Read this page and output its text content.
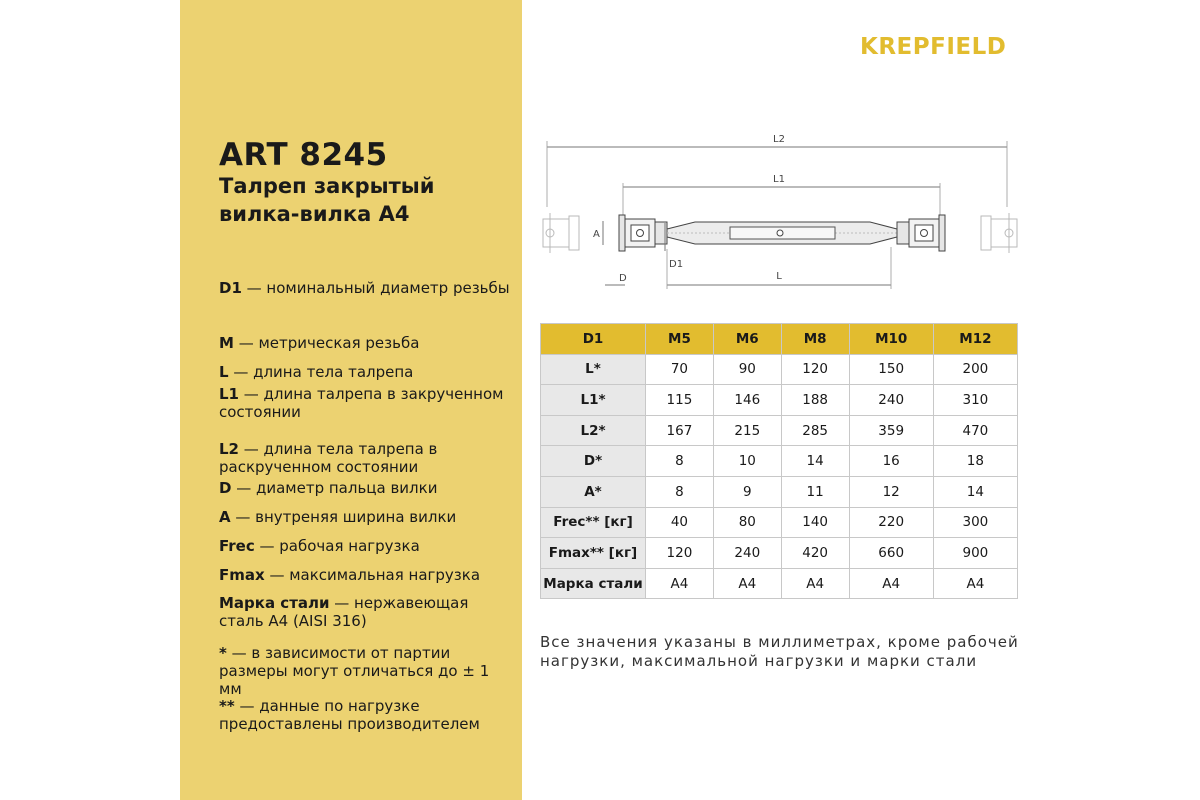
ART 8245
Талреп закрытый
вилка-вилка А4
D1 — номинальный диаметр резьбы
M — метрическая резьба
L — длина тела талрепа
L1 — длина талрепа в закрученном состоянии
L2 — длина тела талрепа в раскрученном состоянии
D — диаметр пальца вилки
A — внутреняя ширина вилки
Frec — рабочая нагрузка
Fmax — максимальная нагрузка
Марка стали — нержавеющая сталь А4 (AISI 316)
* — в зависимости от партии размеры могут отличаться до ± 1 мм
** — данные по нагрузке предоставлены производителем
KREPFIELD
L2
L1
A
D1
D	L
D1	M5	M6	M8	M10	M12
L*	70	90	120	150	200
L1*	115	146	188	240	310
L2*	167	215	285	359	470
D*	8	10	14	16	18
A*	8	9	11	12	14
Frec** [кг]	40	80	140	220	300
Fmax** [кг]	120	240	420	660	900
Марка стали	А4	А4	А4	А4	А4
Все значения указаны в миллиметрах, кроме рабочей нагрузки, максимальной нагрузки и марки стали
